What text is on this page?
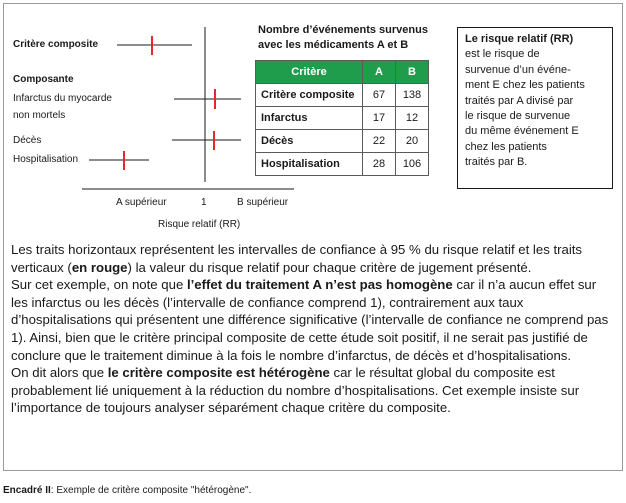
Critère composite
Composante
Infarctus du myocarde
non mortels
Décès
Hospitalisation
A supérieur	1	B supérieur
Risque relatif (RR)
Nombre d’événements survenus avec les médicaments A et B
Critère	A	B
Critère composite	67	138
Infarctus	17	12
Décès	22	20
Hospitalisation	28	106
Le risque relatif (RR)
est le risque de
survenue d’un événe-
ment E chez les patients
traités par A divisé par
le risque de survenue
du même événement E
chez les patients
traités par B.
Les traits horizontaux représentent les intervalles de confiance à 95 % du risque relatif et les traits verticaux (en rouge) la valeur du risque relatif pour chaque critère de jugement présenté.
Sur cet exemple, on note que l’effet du traitement A n’est pas homogène car il n’a aucun effet sur les infarctus ou les décès (l’intervalle de confiance comprend 1), contrairement aux taux d’hospitalisations qui présentent une différence significative (l’intervalle de confiance ne comprend pas 1). Ainsi, bien que le critère principal composite de cette étude soit positif, il ne serait pas justifié de conclure que le traitement diminue à la fois le nombre d’infarctus, de décès et d’hospitalisations.
On dit alors que le critère composite est hétérogène car le résultat global du composite est probablement lié uniquement à la réduction du nombre d’hospitalisations. Cet exemple insiste sur l’importance de toujours analyser séparément chaque critère du composite.
Encadré II: Exemple de critère composite "hétérogène".
